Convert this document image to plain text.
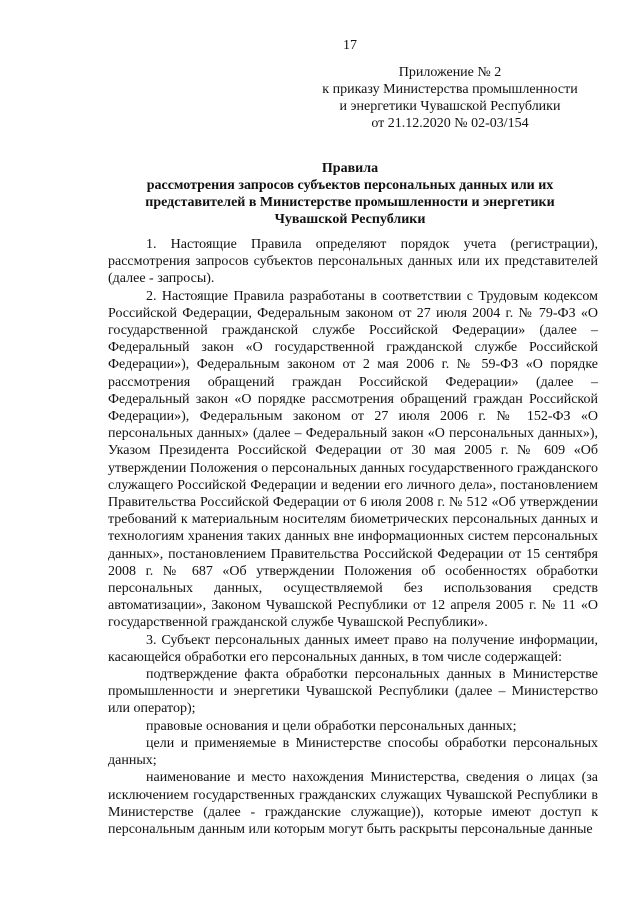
17
Приложение № 2
к приказу Министерства промышленности
и энергетики Чувашской Республики
от 21.12.2020 № 02-03/154
Правила
рассмотрения запросов субъектов персональных данных или их
представителей в Министерстве промышленности и энергетики
Чувашской Республики

1. Настоящие Правила определяют порядок учета (регистрации), рассмотрения запросов субъектов персональных данных или их представителей (далее - запросы).

2. Настоящие Правила разработаны в соответствии с Трудовым кодексом Российской Федерации, Федеральным законом от 27 июля 2004 г. № 79-ФЗ «О государственной гражданской службе Российской Федерации» (далее – Федеральный закон «О государственной гражданской службе Российской Федерации»), Федеральным законом от 2 мая 2006 г. № 59-ФЗ «О порядке рассмотрения обращений граждан Российской Федерации» (далее – Федеральный закон «О порядке рассмотрения обращений граждан Российской Федерации»), Федеральным законом от 27 июля 2006 г. № 152-ФЗ «О персональных данных» (далее – Федеральный закон «О персональных данных»), Указом Президента Российской Федерации от 30 мая 2005 г. № 609 «Об утверждении Положения о персональных данных государственного гражданского служащего Российской Федерации и ведении его личного дела», постановлением Правительства Российской Федерации от 6 июля 2008 г. № 512 «Об утверждении требований к материальным носителям биометрических персональных данных и технологиям хранения таких данных вне информационных систем персональных данных», постановлением Правительства Российской Федерации от 15 сентября 2008 г. № 687 «Об утверждении Положения об особенностях обработки персональных данных, осуществляемой без использования средств автоматизации», Законом Чувашской Республики от 12 апреля 2005 г. № 11 «О государственной гражданской службе Чувашской Республики».

3. Субъект персональных данных имеет право на получение информации, касающейся обработки его персональных данных, в том числе содержащей:

подтверждение факта обработки персональных данных в Министерстве промышленности и энергетики Чувашской Республики (далее – Министерство или оператор);

правовые основания и цели обработки персональных данных;

цели и применяемые в Министерстве способы обработки персональных данных;

наименование и место нахождения Министерства, сведения о лицах (за исключением государственных гражданских служащих Чувашской Республики в Министерстве (далее - гражданские служащие)), которые имеют доступ к персональным данным или которым могут быть раскрыты персональные данные
